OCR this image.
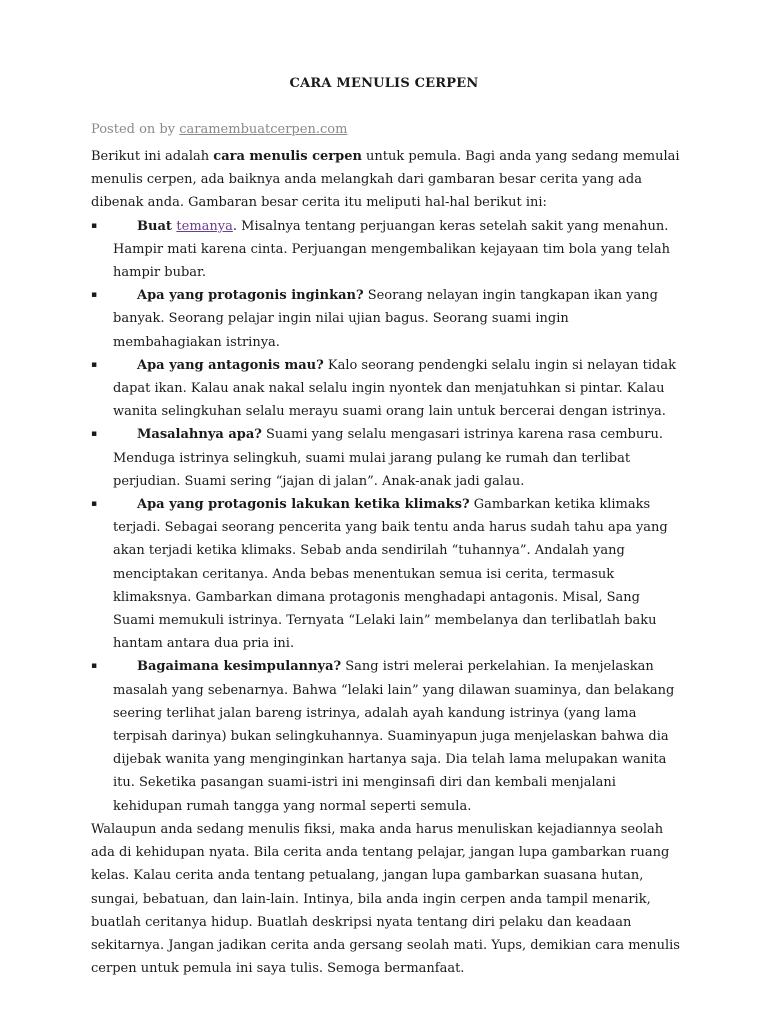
CARA MENULIS CERPEN
Posted on by caramembuatcerpen.com

Berikut ini adalah cara menulis cerpen untuk pemula. Bagi anda yang sedang memulai menulis cerpen, ada baiknya anda melangkah dari gambaran besar cerita yang ada dibenak anda. Gambaran besar cerita itu meliputi hal-hal berikut ini:

▪	Buat temanya. Misalnya tentang perjuangan keras setelah sakit yang menahun. Hampir mati karena cinta. Perjuangan mengembalikan kejayaan tim bola yang telah hampir bubar.
▪	Apa yang protagonis inginkan? Seorang nelayan ingin tangkapan ikan yang banyak. Seorang pelajar ingin nilai ujian bagus. Seorang suami ingin membahagiakan istrinya.
▪	Apa yang antagonis mau? Kalo seorang pendengki selalu ingin si nelayan tidak dapat ikan. Kalau anak nakal selalu ingin nyontek dan menjatuhkan si pintar. Kalau wanita selingkuhan selalu merayu suami orang lain untuk bercerai dengan istrinya.
▪	Masalahnya apa? Suami yang selalu mengasari istrinya karena rasa cemburu. Menduga istrinya selingkuh, suami mulai jarang pulang ke rumah dan terlibat perjudian. Suami sering “jajan di jalan”. Anak-anak jadi galau.
▪	Apa yang protagonis lakukan ketika klimaks? Gambarkan ketika klimaks terjadi. Sebagai seorang pencerita yang baik tentu anda harus sudah tahu apa yang akan terjadi ketika klimaks. Sebab anda sendirilah “tuhannya”. Andalah yang menciptakan ceritanya. Anda bebas menentukan semua isi cerita, termasuk klimaksnya. Gambarkan dimana protagonis menghadapi antagonis. Misal, Sang Suami memukuli istrinya. Ternyata “Lelaki lain” membelanya dan terlibatlah baku hantam antara dua pria ini.
▪	Bagaimana kesimpulannya? Sang istri melerai perkelahian. Ia menjelaskan masalah yang sebenarnya. Bahwa “lelaki lain” yang dilawan suaminya, dan belakang seering terlihat jalan bareng istrinya, adalah ayah kandung istrinya (yang lama terpisah darinya) bukan selingkuhannya. Suaminyapun juga menjelaskan bahwa dia dijebak wanita yang menginginkan hartanya saja. Dia telah lama melupakan wanita itu. Seketika pasangan suami-istri ini menginsafi diri dan kembali menjalani kehidupan rumah tangga yang normal seperti semula.

Walaupun anda sedang menulis fiksi, maka anda harus menuliskan kejadiannya seolah ada di kehidupan nyata. Bila cerita anda tentang pelajar, jangan lupa gambarkan ruang kelas. Kalau cerita anda tentang petualang, jangan lupa gambarkan suasana hutan, sungai, bebatuan, dan lain-lain. Intinya, bila anda ingin cerpen anda tampil menarik, buatlah ceritanya hidup. Buatlah deskripsi nyata tentang diri pelaku dan keadaan sekitarnya. Jangan jadikan cerita anda gersang seolah mati. Yups, demikian cara menulis cerpen untuk pemula ini saya tulis. Semoga bermanfaat.
